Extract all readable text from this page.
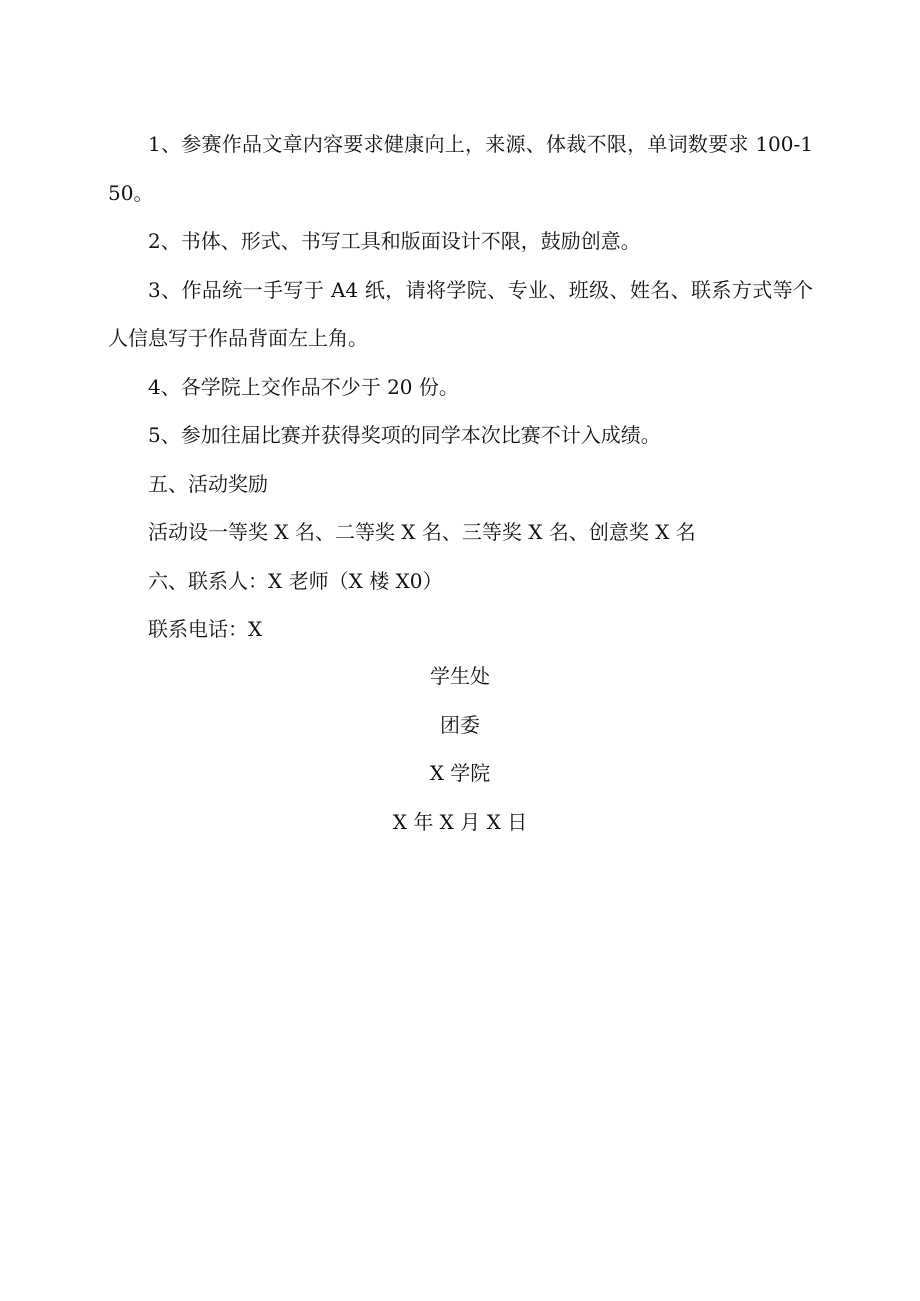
1、参赛作品文章内容要求健康向上，来源、体裁不限，单词数要求 100-150。

2、书体、形式、书写工具和版面设计不限，鼓励创意。

3、作品统一手写于 A4 纸，请将学院、专业、班级、姓名、联系方式等个人信息写于作品背面左上角。

4、各学院上交作品不少于 20 份。

5、参加往届比赛并获得奖项的同学本次比赛不计入成绩。

五、活动奖励

活动设一等奖 X 名、二等奖 X 名、三等奖 X 名、创意奖 X 名

六、联系人：X 老师（X 楼 X0）

联系电话：X

学生处

团委

X 学院

X 年 X 月 X 日
